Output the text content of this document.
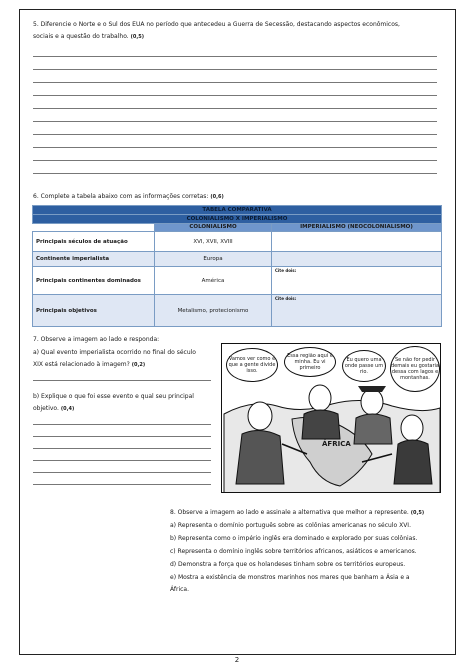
5. Diferencie o Norte e o Sul dos EUA no período que antecedeu a Guerra de Secessão, destacando aspectos econômicos,
sociais e a questão do trabalho. (0,5)
6. Complete a tabela abaixo com as informações corretas: (0,6)
TABELA COMPARATIVA		
COLONIALISMO X IMPERIALISMO		
	COLONIALISMO	IMPERIALISMO (NEOCOLONIALISMO)
Principais séculos de atuação	XVI, XVII, XVIII	
Continente imperialista	Europa	
Principais continentes dominados	América	Cite dois:
Principais objetivos	Metalismo, protecionismo	Cite dois:
7. Observe a imagem ao lado e responda:
a) Qual evento imperialista ocorrido no final do século
XIX está relacionado à imagem? (0,2)
b) Explique o que foi esse evento e qual seu principal
objetivo. (0,4)
Vamos ver como é que a gente divide isso.
Essa região aqui é minha. Eu vi primeiro
Eu quero uma onde passe um rio.
Se não for pedir demais eu gostaria dessa com lagos e montanhas.
ÁFRICA
8. Observe a imagem ao lado e assinale a alternativa que melhor a represente. (0,5)
a) Representa o domínio português sobre as colônias americanas no século XVI.
b) Representa como o império inglês era dominado e explorado por suas colônias.
c) Representa o domínio inglês sobre territórios africanos, asiáticos e americanos.
d) Demonstra a força que os holandeses tinham sobre os territórios europeus.
e) Mostra a existência de monstros marinhos nos mares que banham a Ásia e a
África.
2
